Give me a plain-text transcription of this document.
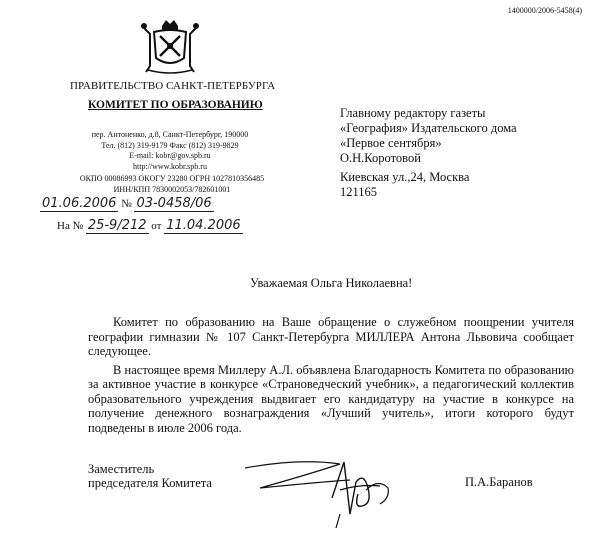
1400000/2006-5458(4)
ПРАВИТЕЛЬСТВО САНКТ-ПЕТЕРБУРГА
КОМИТЕТ ПО ОБРАЗОВАНИЮ
пер. Антоненко, д.8, Санкт-Петербург, 190000
Тел. (812) 319-9179 Факс (812) 319-9829
E-mail: kobr@gov.spb.ru
http://www.kobr.spb.ru
ОКПО 00086993 ОКОГУ 23280 ОГРН 1027810356485
ИНН/КПП 7830002053/782601001
01.06.2006 № 03-0458/06
На № 25-9/212 от 11.04.2006
Главному редактору газеты
«География» Издательского дома
«Первое сентября»
О.Н.Коротовой
Киевская ул.,24, Москва
121165
Уважаемая Ольга Николаевна!

Комитет по образованию на Ваше обращение о служебном поощрении учителя географии гимназии № 107 Санкт-Петербурга МИЛЛЕРА Антона Львовича сообщает следующее.

В настоящее время Миллеру А.Л. объявлена Благодарность Комитета по образованию за активное участие в конкурсе «Страноведческий учебник», а педагогический коллектив образовательного учреждения выдвигает его кандидатуру на участие в конкурсе на получение денежного вознаграждения «Лучший учитель», итоги которого будут подведены в июле 2006 года.

Заместитель
председателя Комитета	П.А.Баранов
